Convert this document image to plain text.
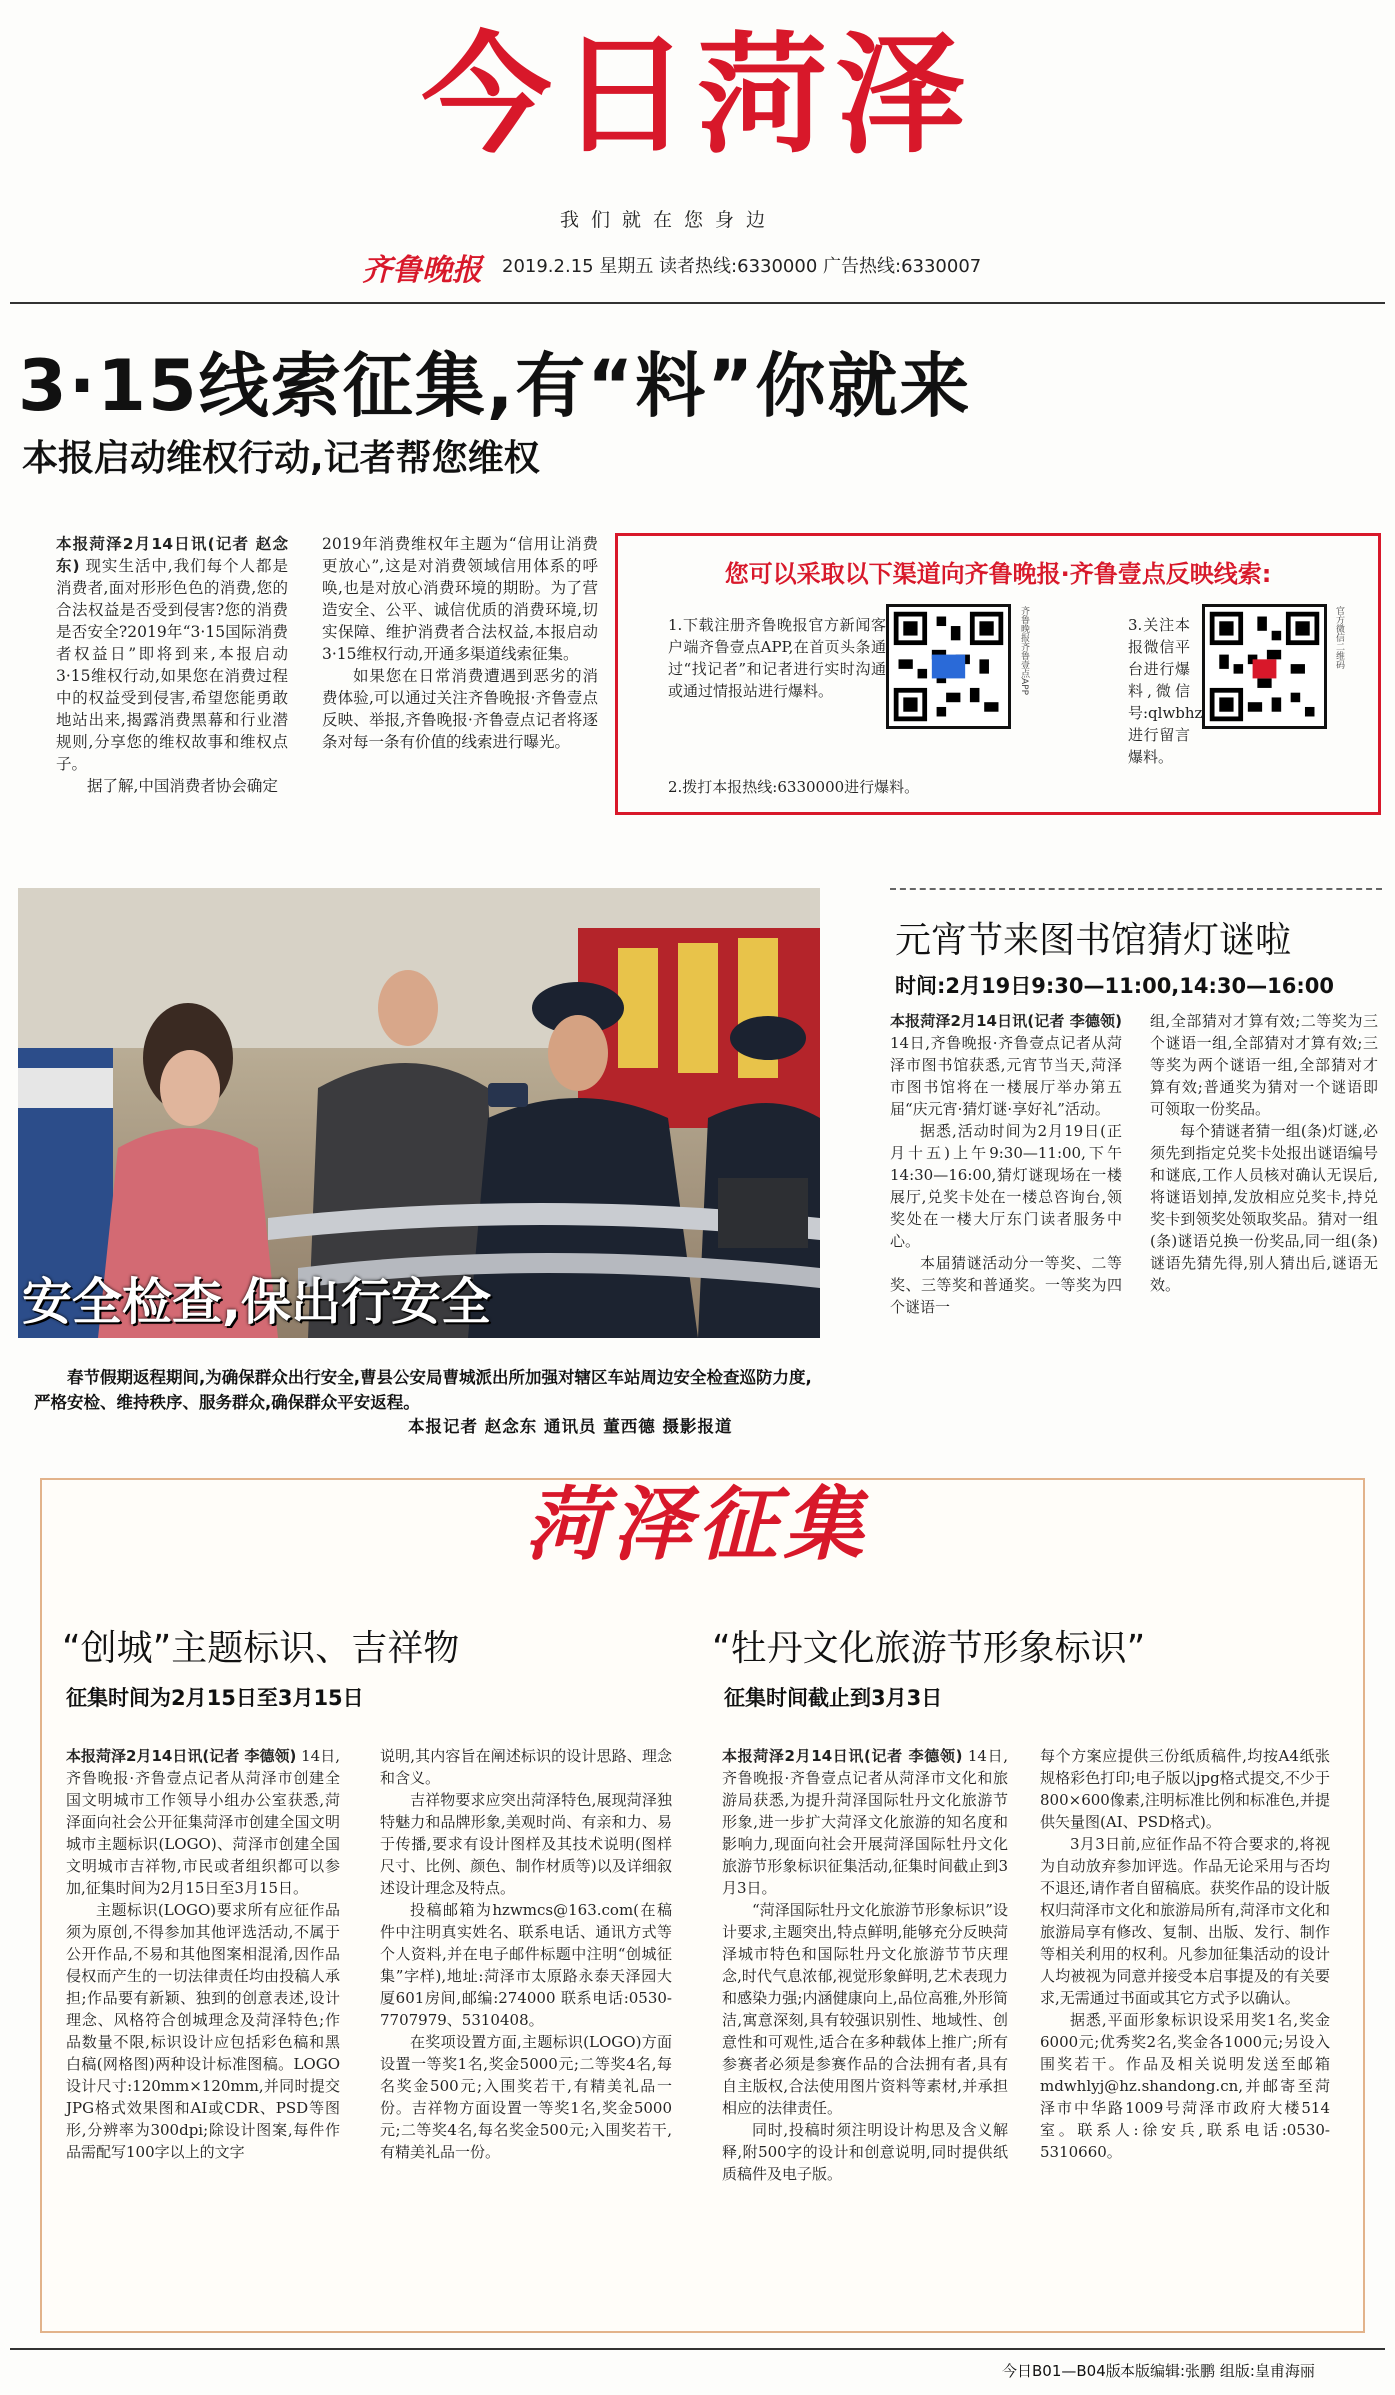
今日菏泽
我们就在您身边
齐鲁晚报 2019.2.15 星期五 读者热线:6330000 广告热线:6330007
3·15线索征集,有“料”你就来
本报启动维权行动,记者帮您维权
本报菏泽2月14日讯(记者 赵念东) 现实生活中,我们每个人都是消费者,面对形形色色的消费,您的合法权益是否受到侵害?您的消费是否安全?2019年“3·15国际消费者权益日”即将到来,本报启动3·15维权行动,如果您在消费过程中的权益受到侵害,希望您能勇敢地站出来,揭露消费黑幕和行业潜规则,分享您的维权故事和维权点子。

据了解,中国消费者协会确定

2019年消费维权年主题为“信用让消费更放心”,这是对消费领域信用体系的呼唤,也是对放心消费环境的期盼。为了营造安全、公平、诚信优质的消费环境,切实保障、维护消费者合法权益,本报启动3·15维权行动,开通多渠道线索征集。

如果您在日常消费遭遇到恶劣的消费体验,可以通过关注齐鲁晚报·齐鲁壹点反映、举报,齐鲁晚报·齐鲁壹点记者将逐条对每一条有价值的线索进行曝光。

您可以采取以下渠道向齐鲁晚报·齐鲁壹点反映线索:
1.下载注册齐鲁晚报官方新闻客户端齐鲁壹点APP,在首页头条通过“找记者”和记者进行实时沟通或通过情报站进行爆料。	齐鲁晚报齐鲁壹点APP	3.关注本报微信平台进行爆料,微信号:qlwbhz 进行留言爆料。
官方微信二维码
2.拨打本报热线:6330000进行爆料。
安全检查,保出行安全
春节假期返程期间,为确保群众出行安全,曹县公安局曹城派出所加强对辖区车站周边安全检查巡防力度,严格安检、维持秩序、服务群众,确保群众平安返程。
本报记者 赵念东 通讯员 董西德 摄影报道
元宵节来图书馆猜灯谜啦
时间:2月19日9:30—11:00,14:30—16:00
本报菏泽2月14日讯(记者 李德领) 14日,齐鲁晚报·齐鲁壹点记者从菏泽市图书馆获悉,元宵节当天,菏泽市图书馆将在一楼展厅举办第五届“庆元宵·猜灯谜·享好礼”活动。

据悉,活动时间为2月19日(正月十五)上午9:30—11:00,下午14:30—16:00,猜灯谜现场在一楼展厅,兑奖卡处在一楼总咨询台,领奖处在一楼大厅东门读者服务中心。

本届猜谜活动分一等奖、二等奖、三等奖和普通奖。一等奖为四个谜语一

组,全部猜对才算有效;二等奖为三个谜语一组,全部猜对才算有效;三等奖为两个谜语一组,全部猜对才算有效;普通奖为猜对一个谜语即可领取一份奖品。

每个猜谜者猜一组(条)灯谜,必须先到指定兑奖卡处报出谜语编号和谜底,工作人员核对确认无误后,将谜语划掉,发放相应兑奖卡,持兑奖卡到领奖处领取奖品。猜对一组(条)谜语兑换一份奖品,同一组(条)谜语先猜先得,别人猜出后,谜语无效。

菏泽征集
“创城”主题标识、吉祥物
征集时间为2月15日至3月15日
本报菏泽2月14日讯(记者 李德领) 14日,齐鲁晚报·齐鲁壹点记者从菏泽市创建全国文明城市工作领导小组办公室获悉,菏泽面向社会公开征集菏泽市创建全国文明城市主题标识(LOGO)、菏泽市创建全国文明城市吉祥物,市民或者组织都可以参加,征集时间为2月15日至3月15日。

主题标识(LOGO)要求所有应征作品须为原创,不得参加其他评选活动,不属于公开作品,不易和其他图案相混淆,因作品侵权而产生的一切法律责任均由投稿人承担;作品要有新颖、独到的创意表述,设计理念、风格符合创城理念及菏泽特色;作品数量不限,标识设计应包括彩色稿和黑白稿(网格图)两种设计标准图稿。LOGO设计尺寸:120mm×120mm,并同时提交JPG格式效果图和AI或CDR、PSD等图形,分辨率为300dpi;除设计图案,每件作品需配写100字以上的文字

说明,其内容旨在阐述标识的设计思路、理念和含义。

吉祥物要求应突出菏泽特色,展现菏泽独特魅力和品牌形象,美观时尚、有亲和力、易于传播,要求有设计图样及其技术说明(图样尺寸、比例、颜色、制作材质等)以及详细叙述设计理念及特点。

投稿邮箱为hzwmcs@163.com(在稿件中注明真实姓名、联系电话、通讯方式等个人资料,并在电子邮件标题中注明“创城征集”字样),地址:菏泽市太原路永泰天泽园大厦601房间,邮编:274000 联系电话:0530-7707979、5310408。

在奖项设置方面,主题标识(LOGO)方面设置一等奖1名,奖金5000元;二等奖4名,每名奖金500元;入围奖若干,有精美礼品一份。吉祥物方面设置一等奖1名,奖金5000元;二等奖4名,每名奖金500元;入围奖若干,有精美礼品一份。

“牡丹文化旅游节形象标识”
征集时间截止到3月3日
本报菏泽2月14日讯(记者 李德领) 14日,齐鲁晚报·齐鲁壹点记者从菏泽市文化和旅游局获悉,为提升菏泽国际牡丹文化旅游节形象,进一步扩大菏泽文化旅游的知名度和影响力,现面向社会开展菏泽国际牡丹文化旅游节形象标识征集活动,征集时间截止到3月3日。

“菏泽国际牡丹文化旅游节形象标识”设计要求,主题突出,特点鲜明,能够充分反映菏泽城市特色和国际牡丹文化旅游节节庆理念,时代气息浓郁,视觉形象鲜明,艺术表现力和感染力强;内涵健康向上,品位高雅,外形简洁,寓意深刻,具有较强识别性、地域性、创意性和可观性,适合在多种载体上推广;所有参赛者必须是参赛作品的合法拥有者,具有自主版权,合法使用图片资料等素材,并承担相应的法律责任。

同时,投稿时须注明设计构思及含义解释,附500字的设计和创意说明,同时提供纸质稿件及电子版。

每个方案应提供三份纸质稿件,均按A4纸张规格彩色打印;电子版以jpg格式提交,不少于800×600像素,注明标准比例和标准色,并提供矢量图(AI、PSD格式)。

3月3日前,应征作品不符合要求的,将视为自动放弃参加评选。作品无论采用与否均不退还,请作者自留稿底。获奖作品的设计版权归菏泽市文化和旅游局所有,菏泽市文化和旅游局享有修改、复制、出版、发行、制作等相关利用的权利。凡参加征集活动的设计人均被视为同意并接受本启事提及的有关要求,无需通过书面或其它方式予以确认。

据悉,平面形象标识设采用奖1名,奖金6000元;优秀奖2名,奖金各1000元;另设入围奖若干。作品及相关说明发送至邮箱mdwhlyj@hz.shandong.cn,并邮寄至菏泽市中华路1009号菏泽市政府大楼514室。联系人:徐安兵,联系电话:0530-5310660。

今日B01—B04版 本版编辑:张鹏 组版:皇甫海丽
